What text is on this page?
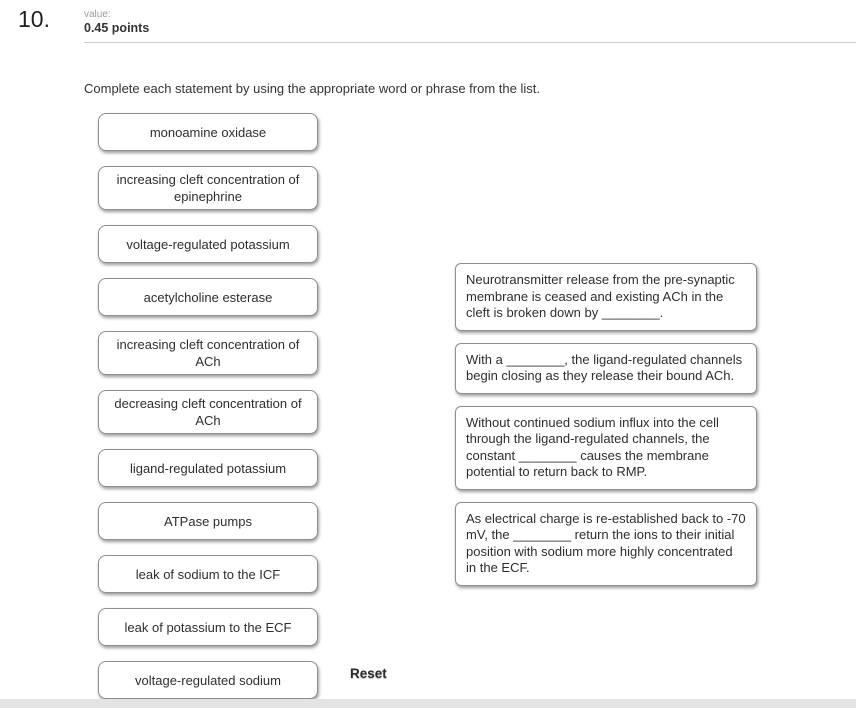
10.	value:
0.45 points
Complete each statement by using the appropriate word or phrase from the list.
monoamine oxidase
increasing cleft concentration of epinephrine
voltage-regulated potassium
acetylcholine esterase
increasing cleft concentration of ACh
decreasing cleft concentration of ACh
ligand-regulated potassium
ATPase pumps
leak of sodium to the ICF
leak of potassium to the ECF
voltage-regulated sodium
Neurotransmitter release from the pre-synaptic membrane is ceased and existing ACh in the cleft is broken down by ________.
With a ________, the ligand-regulated channels begin closing as they release their bound ACh.
Without continued sodium influx into the cell through the ligand-regulated channels, the constant ________ causes the membrane potential to return back to RMP.
As electrical charge is re-established back to -70 mV, the ________ return the ions to their initial position with sodium more highly concentrated in the ECF.
Reset
